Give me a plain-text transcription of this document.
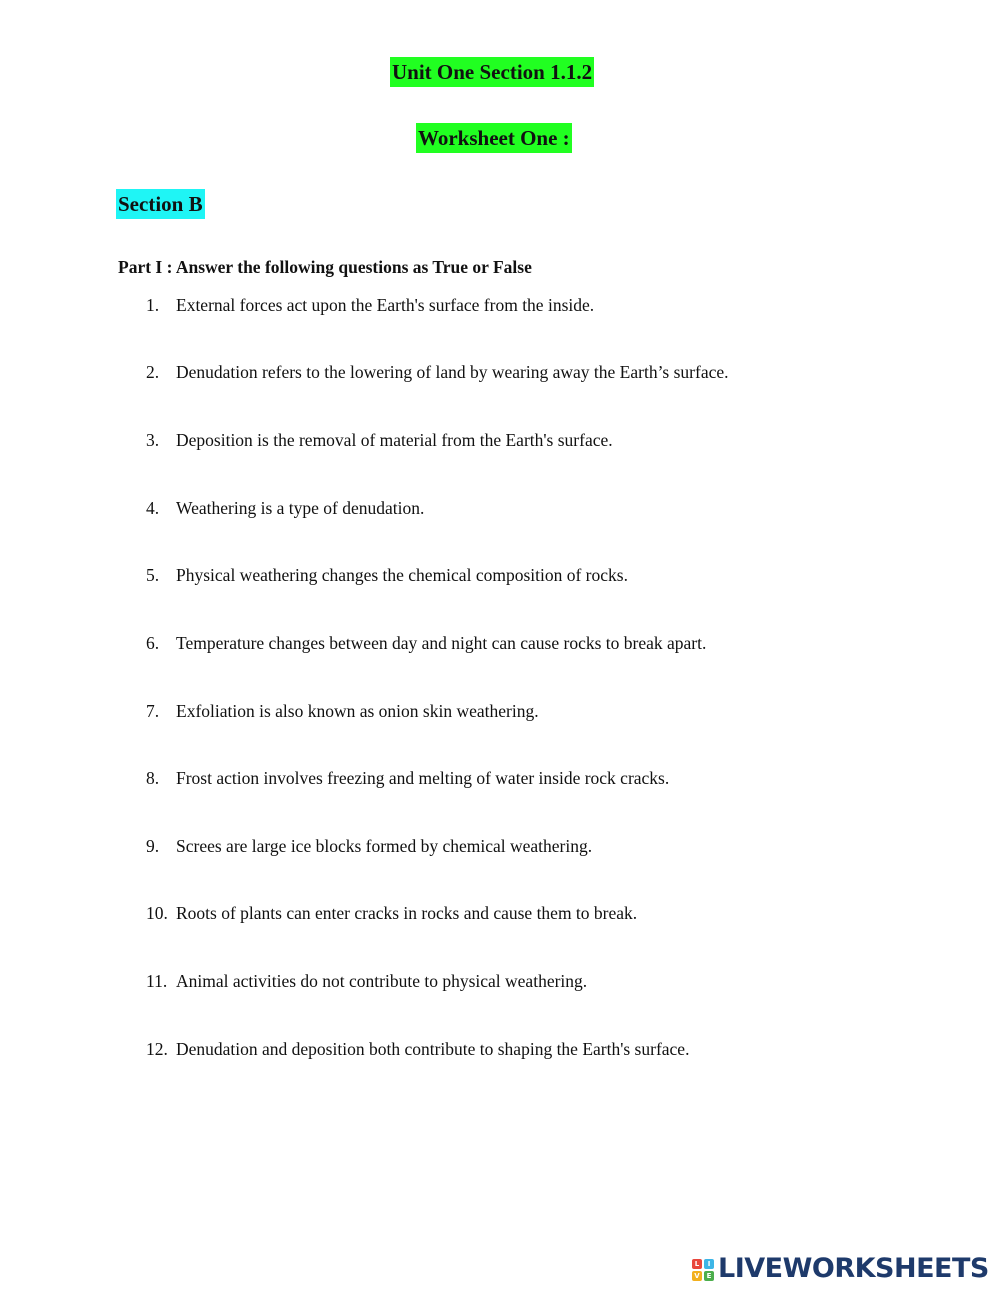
Unit One Section 1.1.2
Worksheet One :
Section B
Part I : Answer the following questions as True or False
1. External forces act upon the Earth's surface from the inside.
2. Denudation refers to the lowering of land by wearing away the Earth’s surface.
3. Deposition is the removal of material from the Earth's surface.
4. Weathering is a type of denudation.
5. Physical weathering changes the chemical composition of rocks.
6. Temperature changes between day and night can cause rocks to break apart.
7. Exfoliation is also known as onion skin weathering.
8. Frost action involves freezing and melting of water inside rock cracks.
9. Screes are large ice blocks formed by chemical weathering.
10. Roots of plants can enter cracks in rocks and cause them to break.
11. Animal activities do not contribute to physical weathering.
12. Denudation and deposition both contribute to shaping the Earth's surface.
L	I
V E LIVEWORKSHEETS
